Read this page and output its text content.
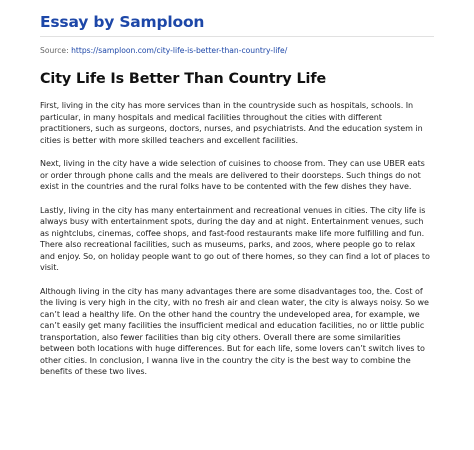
Essay by Samploon
Source: https://samploon.com/city-life-is-better-than-country-life/
City Life Is Better Than Country Life

First, living in the city has more services than in the countryside such as hospitals, schools. In particular, in many hospitals and medical facilities throughout the cities with different practitioners, such as surgeons, doctors, nurses, and psychiatrists. And the education system in cities is better with more skilled teachers and excellent facilities.

Next, living in the city have a wide selection of cuisines to choose from. They can use UBER eats or order through phone calls and the meals are delivered to their doorsteps. Such things do not exist in the countries and the rural folks have to be contented with the few dishes they have.

Lastly, living in the city has many entertainment and recreational venues in cities. The city life is always busy with entertainment spots, during the day and at night. Entertainment venues, such as nightclubs, cinemas, coffee shops, and fast-food restaurants make life more fulfilling and fun. There also recreational facilities, such as museums, parks, and zoos, where people go to relax and enjoy. So, on holiday people want to go out of there homes, so they can find a lot of places to visit.

Although living in the city has many advantages there are some disadvantages too, the. Cost of the living is very high in the city, with no fresh air and clean water, the city is always noisy. So we can’t lead a healthy life. On the other hand the country the undeveloped area, for example, we can’t easily get many facilities the insufficient medical and education facilities, no or little public transportation, also fewer facilities than big city others. Overall there are some similarities between both locations with huge differences. But for each life, some lovers can’t switch lives to other cities. In conclusion, I wanna live in the country the city is the best way to combine the benefits of these two lives.
